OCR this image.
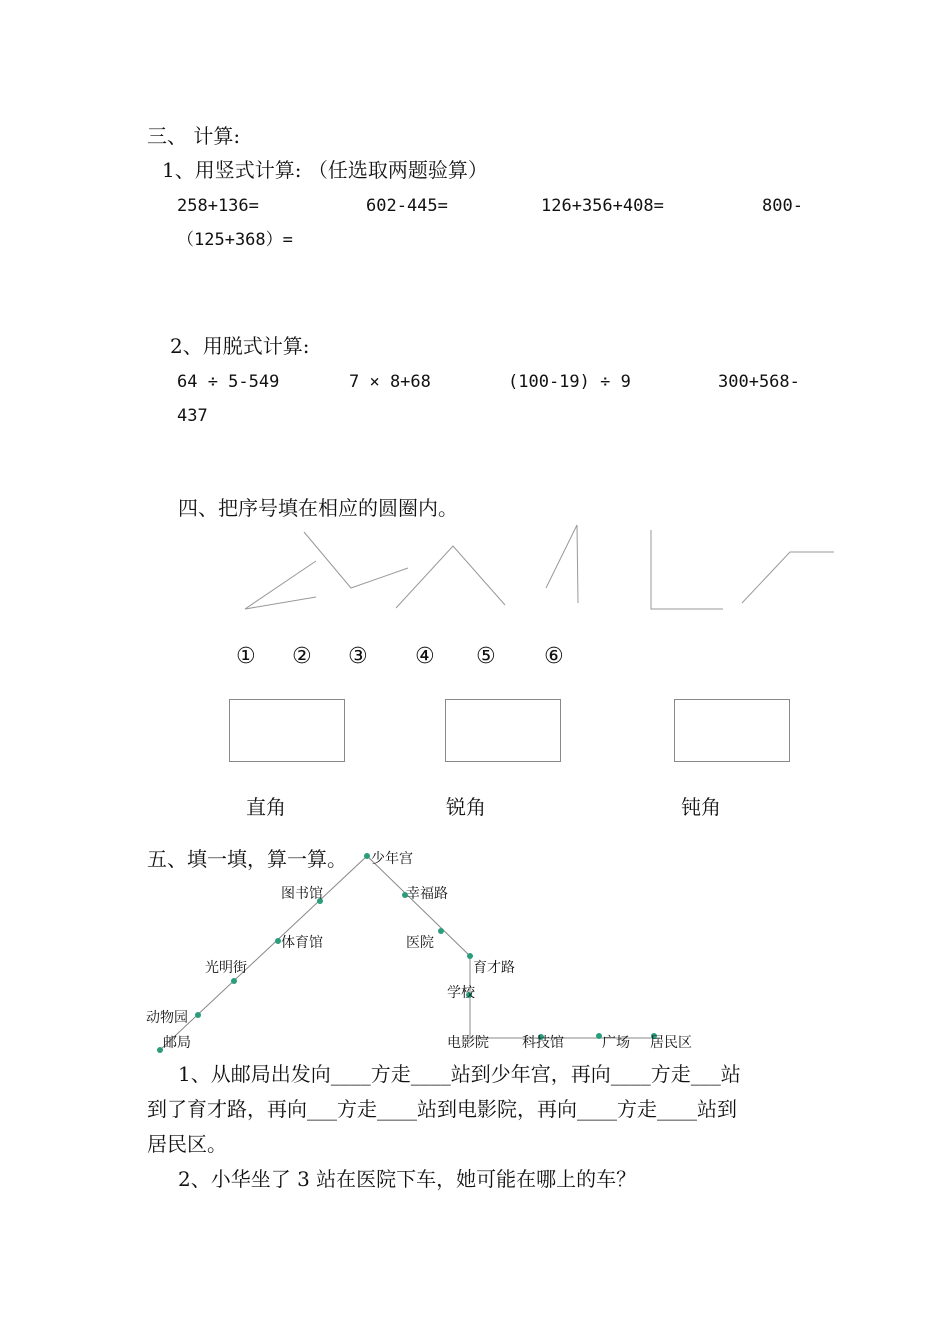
三、 计算:
1、用竖式计算: （任选取两题验算）
258+136=	602-445=	126+356+408=	800-
（125+368）=
2、用脱式计算:
64 ÷ 5-549	7 × 8+68	(100-19) ÷ 9	300+568-
437
四、把序号填在相应的圆圈内。
① ② ③ ④ ⑤ ⑥
直角	锐角	钝角
五、填一填，算一算。 少年宫
图书馆	幸福路
体育馆	医院
光明街	育才路
学校
动物园
邮局	电影院 科技馆	广场 居民区
1、从邮局出发向____方走____站到少年宫，再向____方走___站
到了育才路，再向___方走____站到电影院，再向____方走____站到
居民区。
2、小华坐了 3 站在医院下车，她可能在哪上的车？
